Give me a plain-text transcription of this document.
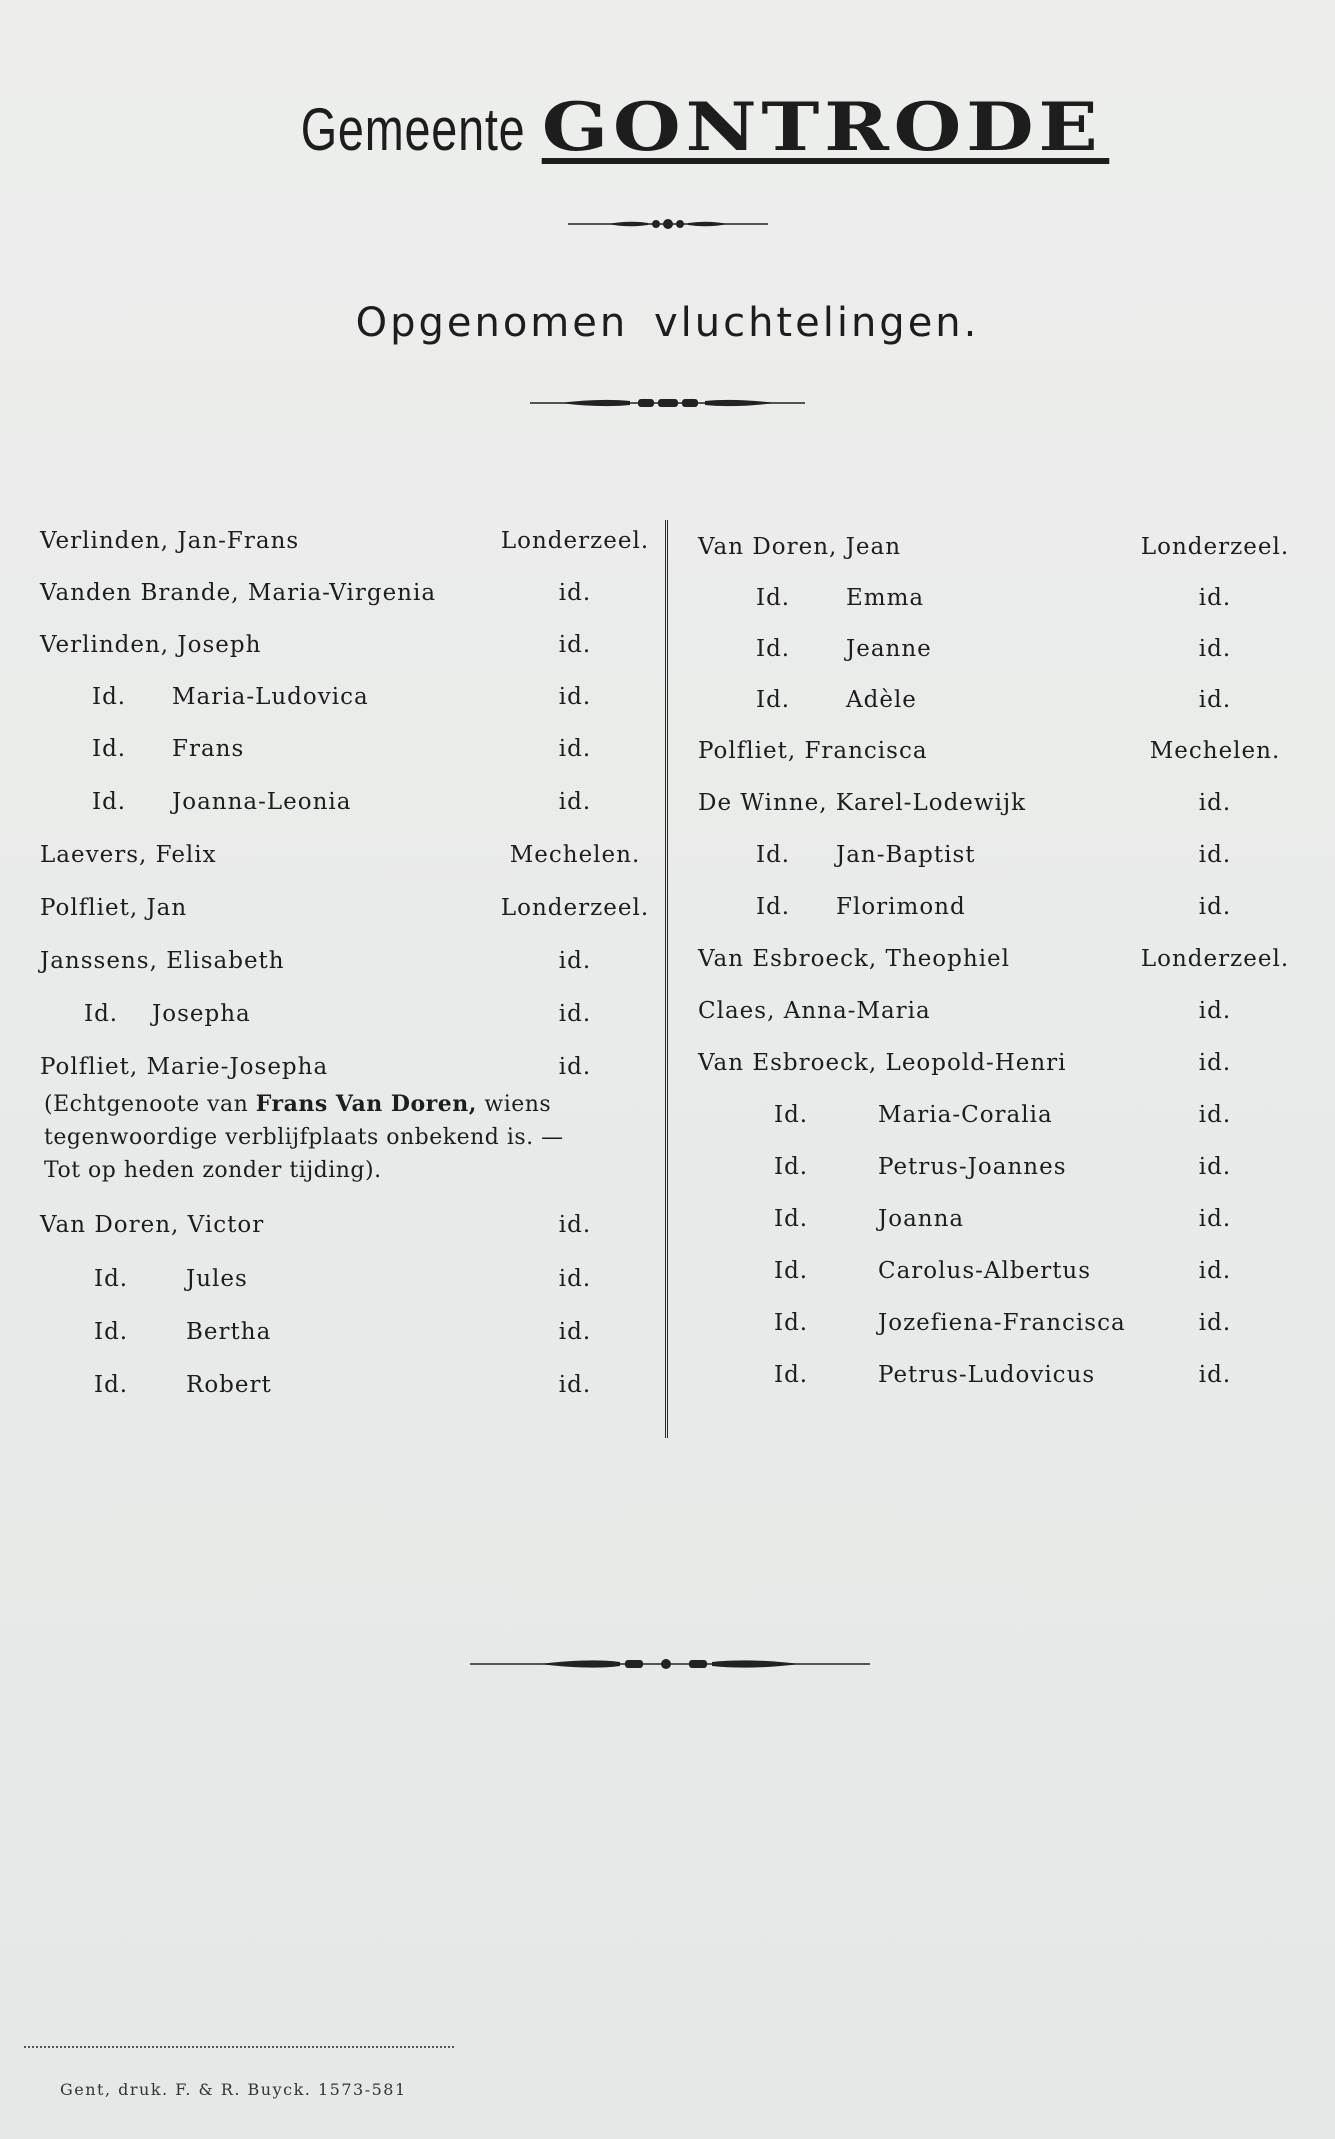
Gemeente GONTRODE
Opgenomen vluchtelingen.
Verlinden, Jan-Frans	Londerzeel.
Vanden Brande, Maria-Virgenia	id.
Verlinden, Joseph	id.
Id. Maria-Ludovica	id.
Id. Frans	id.
Id. Joanna-Leonia	id.
Laevers, Felix	Mechelen.
Polfliet, Jan	Londerzeel.
Janssens, Elisabeth	id.
Id. Josepha	id.
Polfliet, Marie-Josepha	id.
Van Doren, Victor	id.
Id.	Jules	id.
Id.	Bertha	id.
Id.	Robert	id.
(Echtgenoote van Frans Van Doren, wiens tegenwoordige verblijfplaats onbekend is. — Tot op heden zonder tijding).
Van Doren, Jean	Londerzeel.
Id. Emma	id.
Id. Jeanne	id.
Id. Adèle	id.
Polfliet, Francisca	Mechelen.
De Winne, Karel-Lodewijk	id.
Id. Jan-Baptist	id.
Id. Florimond	id.
Van Esbroeck, Theophiel	Londerzeel.
Claes, Anna-Maria	id.
Van Esbroeck, Leopold-Henri	id.
Id.	Maria-Coralia	id.
Id.	Petrus-Joannes	id.
Id.	Joanna	id.
Id.	Carolus-Albertus	id.
Id.	Jozefiena-Francisca	id.
Id.	Petrus-Ludovicus	id.
Gent, druk. F. & R. Buyck. 1573-581
